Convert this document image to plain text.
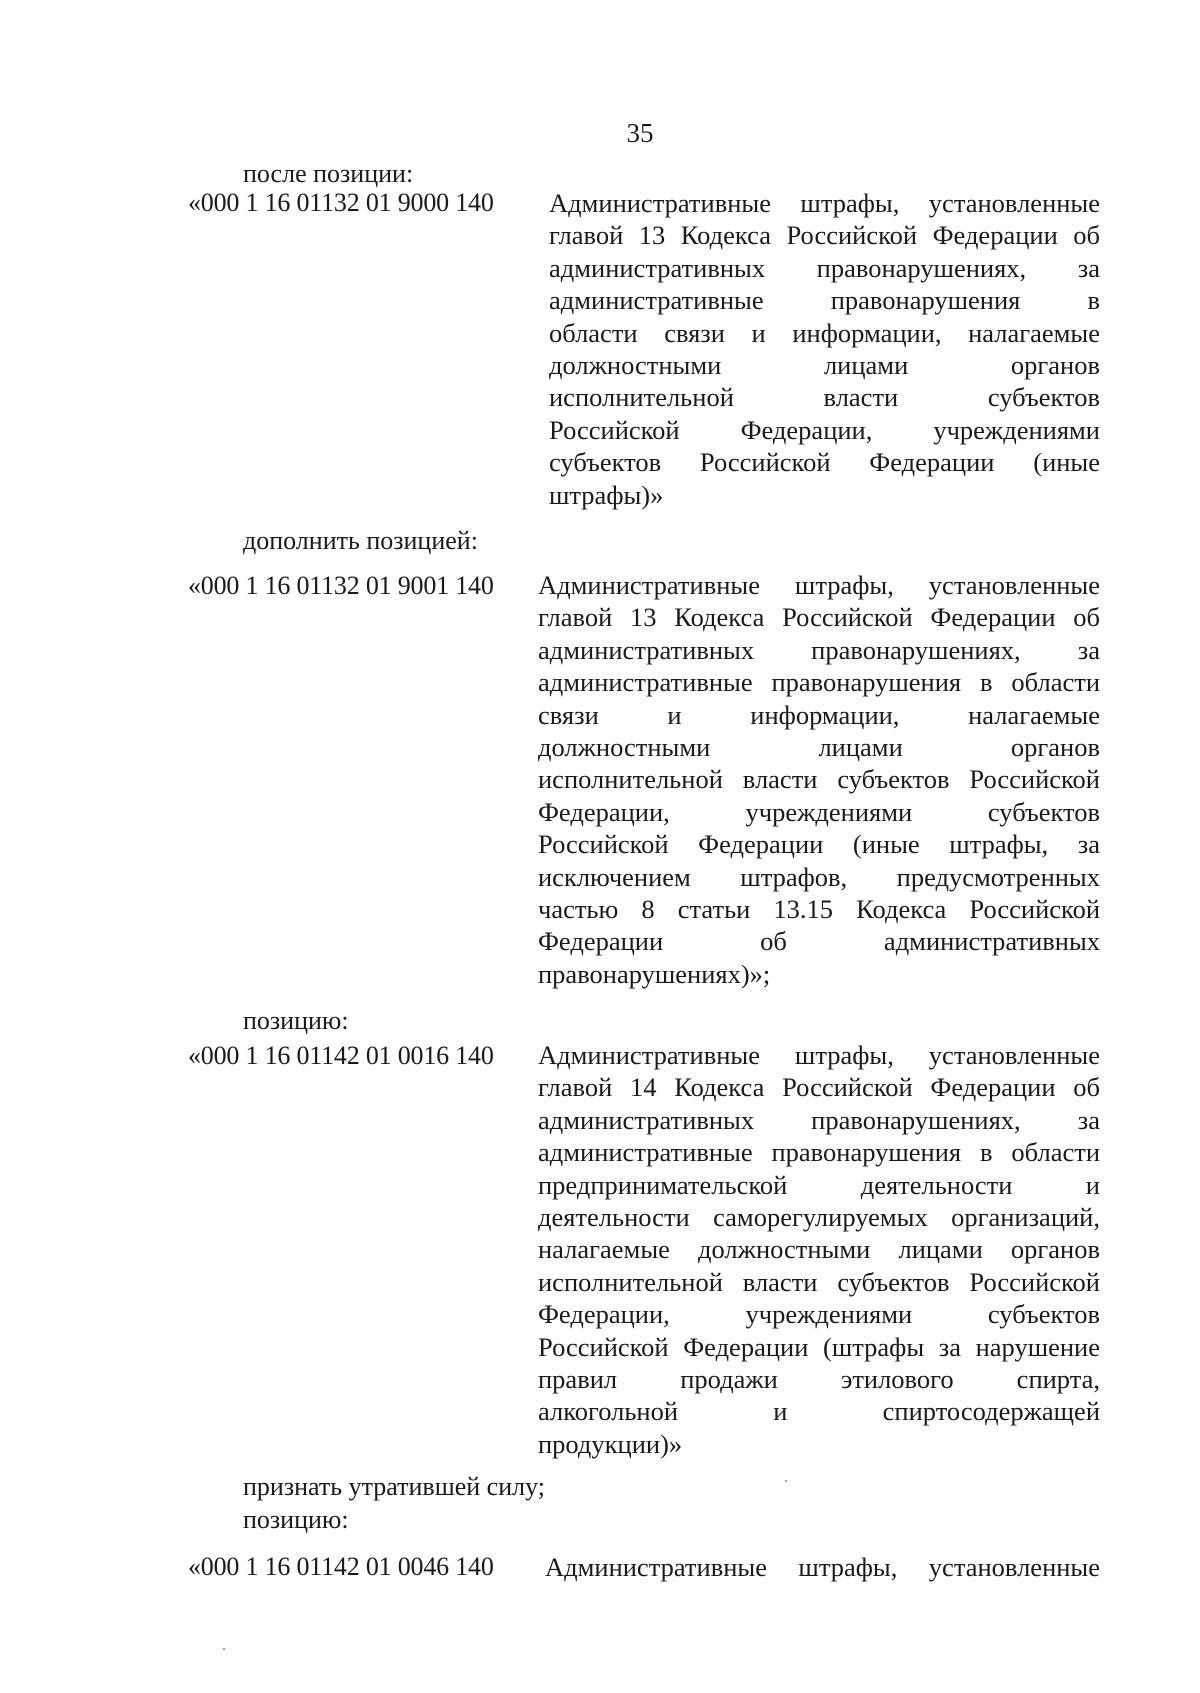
35
после позиции:
«000 1 16 01132 01 9000 140 Административные штрафы, установленные
главой 13 Кодекса Российской Федерации об
административных правонарушениях, за
административные правонарушения в
области связи и информации, налагаемые
должностными лицами органов
исполнительной власти субъектов
Российской Федерации, учреждениями
субъектов Российской Федерации (иные
штрафы)»
дополнить позицией:
«000 1 16 01132 01 9001 140 Административные штрафы, установленные
главой 13 Кодекса Российской Федерации об
административных правонарушениях, за
административные правонарушения в области
связи и информации, налагаемые
должностными лицами органов
исполнительной власти субъектов Российской
Федерации, учреждениями субъектов
Российской Федерации (иные штрафы, за
исключением штрафов, предусмотренных
частью 8 статьи 13.15 Кодекса Российской
Федерации об административных
правонарушениях)»;
позицию:
«000 1 16 01142 01 0016 140 Административные штрафы, установленные
главой 14 Кодекса Российской Федерации об
административных правонарушениях, за
административные правонарушения в области
предпринимательской деятельности и
деятельности саморегулируемых организаций,
налагаемые должностными лицами органов
исполнительной власти субъектов Российской
Федерации, учреждениями субъектов
Российской Федерации (штрафы за нарушение
правил продажи этилового спирта,
алкогольной и спиртосодержащей
продукции)»
признать утратившей силу;
позицию:
«000 1 16 01142 01 0046 140 Административные штрафы, установленные
